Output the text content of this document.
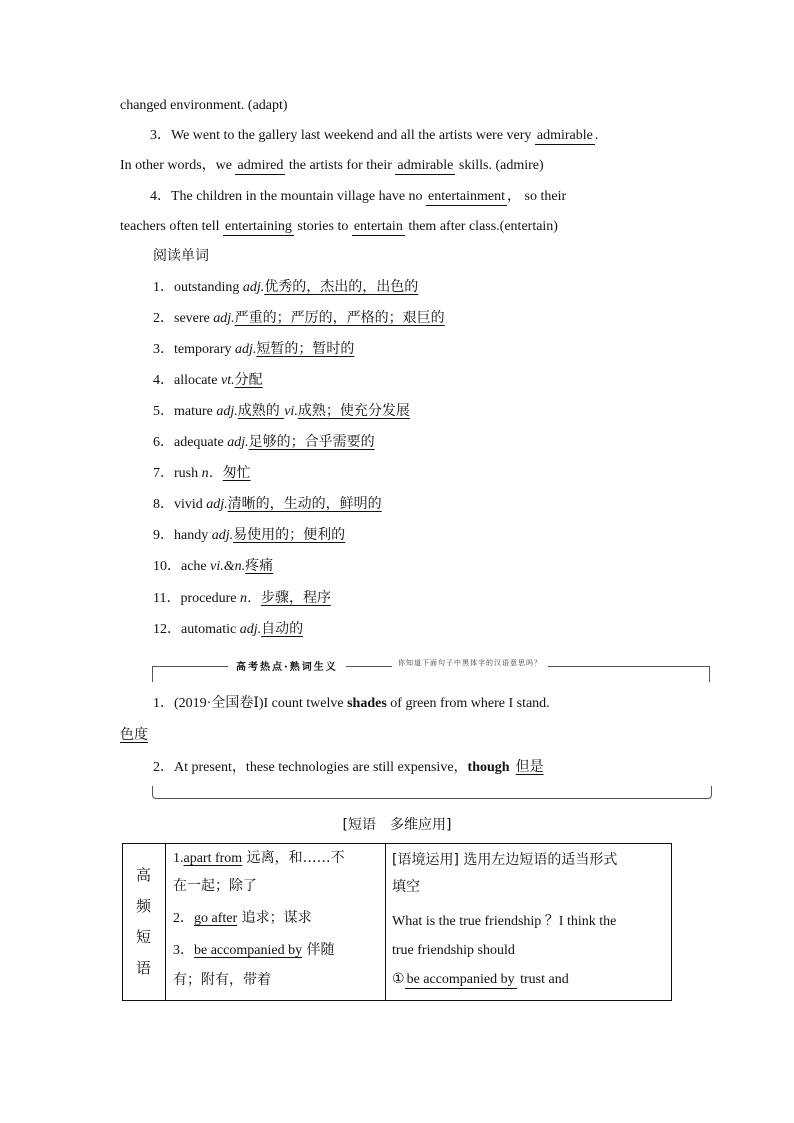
changed environment. (adapt)
3．We went to the gallery last weekend and all the artists were very admirable .
In other words，we admired the artists for their admirable skills. (admire)
4．The children in the mountain village have no entertainment ， so their
teachers often tell entertaining stories to entertain them after class.(entertain)
阅读单词
1．outstanding adj.优秀的，杰出的，出色的
2．severe adj.严重的；严厉的，严格的；艰巨的
3．temporary adj.短暂的；暂时的
4．allocate vt.分配
5．mature adj.成熟的 vi.成熟；使充分发展
6．adequate adj.足够的；合乎需要的
7．rush n．匆忙
8．vivid adj.清晰的，生动的，鲜明的
9．handy adj.易使用的；便利的
10．ache vi.&n.疼痛
11．procedure n．步骤，程序
12．automatic adj.自动的
高考热点·熟词生义	你知道下面句子中黑体字的汉语意思吗？
1．(2019·全国卷Ⅰ)I count twelve shades of green from where I stand.
色度
2．At present，these technologies are still expensive，though 但是
[短语　多维应用]
高
频
短
语
1.apart from 远离，和……不
在一起；除了
2．go after 追求；谋求
3．be accompanied by 伴随
有；附有，带着
[语境运用] 选用左边短语的适当形式
填空
What is the true friendship ？I think the
true friendship should
① be accompanied by trust and
